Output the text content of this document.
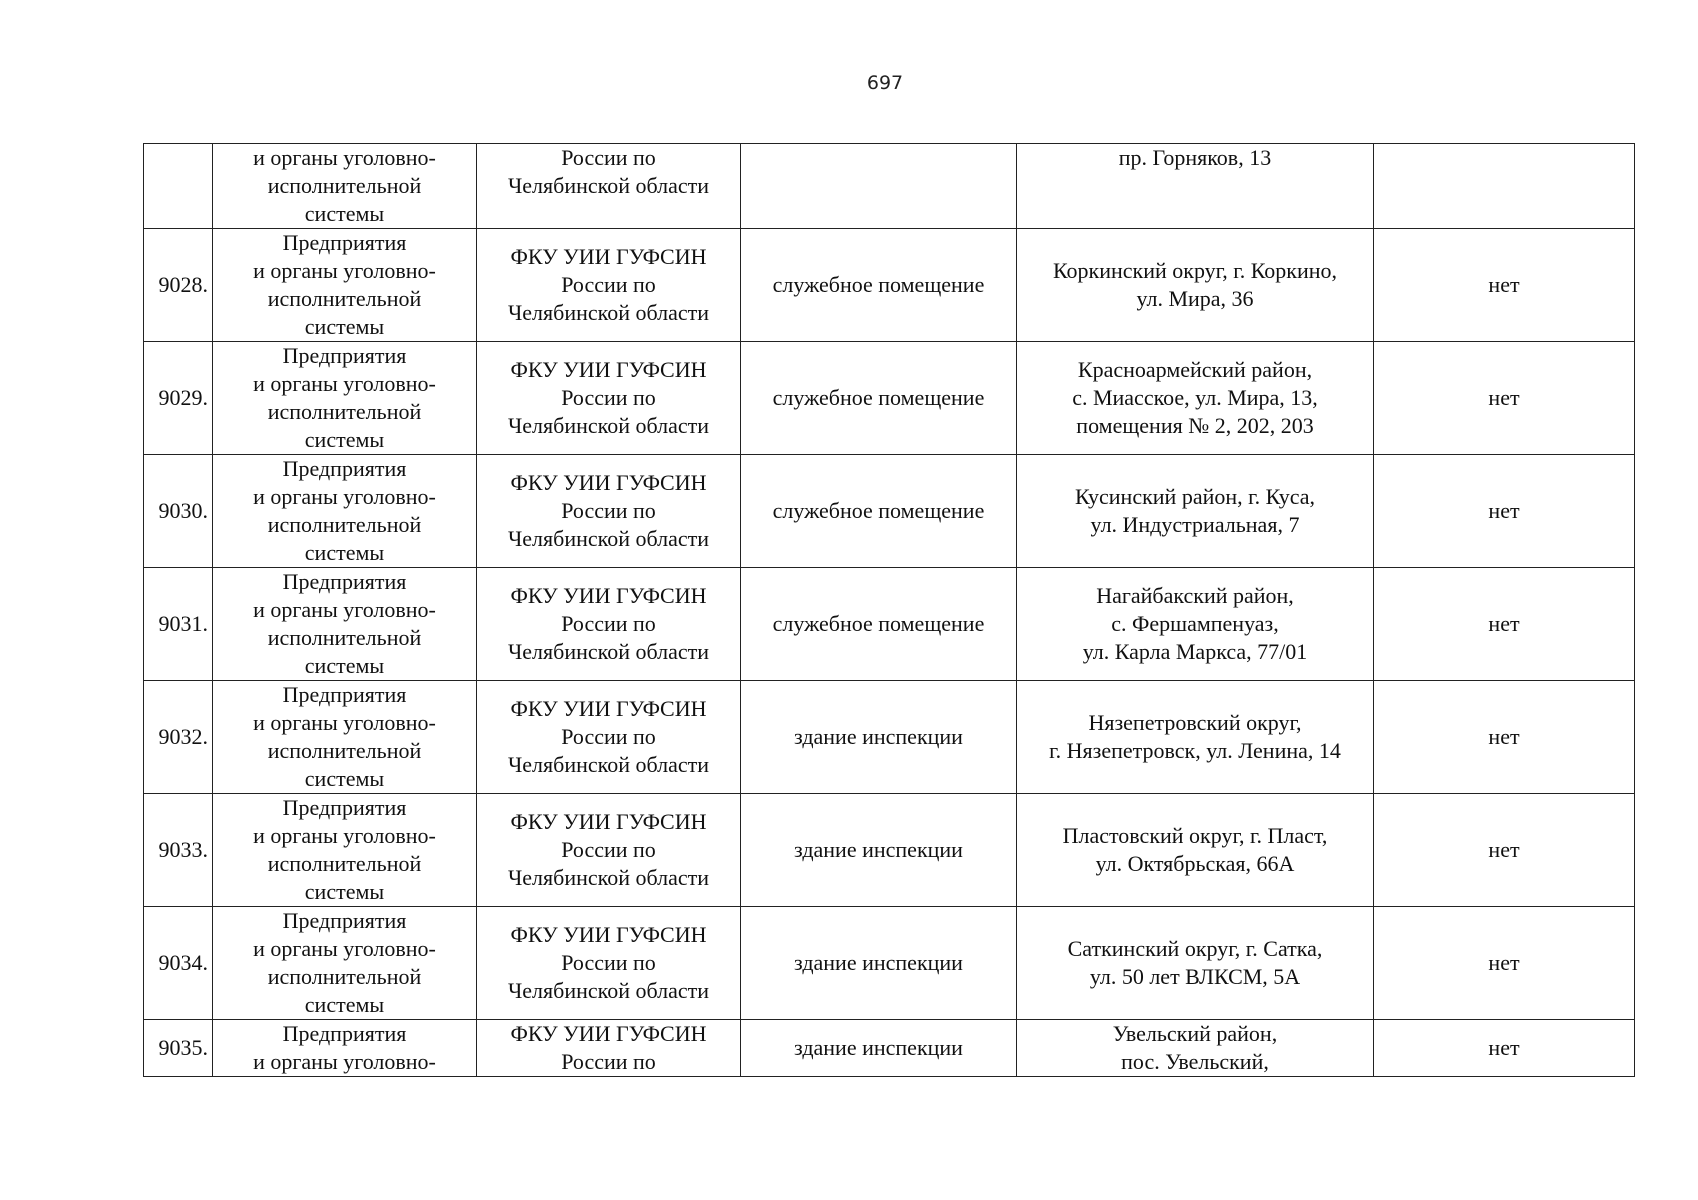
697

	и органы уголовно-
исполнительной
системы	России по
Челябинской области		пр. Горняков, 13	

9028.	Предприятия
и органы уголовно-
исполнительной
системы	ФКУ УИИ ГУФСИН
России по
Челябинской области	служебное помещение	Коркинский округ, г. Коркино,
ул. Мира, 36	нет
9029.	Предприятия
и органы уголовно-
исполнительной
системы	ФКУ УИИ ГУФСИН
России по
Челябинской области	служебное помещение	Красноармейский район,
с. Миасское, ул. Мира, 13,
помещения № 2, 202, 203	нет
9030.	Предприятия
и органы уголовно-
исполнительной
системы	ФКУ УИИ ГУФСИН
России по
Челябинской области	служебное помещение	Кусинский район, г. Куса,
ул. Индустриальная, 7	нет
9031.	Предприятия
и органы уголовно-
исполнительной
системы	ФКУ УИИ ГУФСИН
России по
Челябинской области	служебное помещение	Нагайбакский район,
с. Фершампенуаз,
ул. Карла Маркса, 77/01	нет
9032.	Предприятия
и органы уголовно-
исполнительной
системы	ФКУ УИИ ГУФСИН
России по
Челябинской области	здание инспекции	Нязепетровский округ,
г. Нязепетровск, ул. Ленина, 14	нет
9033.	Предприятия
и органы уголовно-
исполнительной
системы	ФКУ УИИ ГУФСИН
России по
Челябинской области	здание инспекции	Пластовский округ, г. Пласт,
ул. Октябрьская, 66А	нет
9034.	Предприятия
и органы уголовно-
исполнительной
системы	ФКУ УИИ ГУФСИН
России по
Челябинской области	здание инспекции	Саткинский округ, г. Сатка,
ул. 50 лет ВЛКСМ, 5А	нет
9035.	Предприятия
и органы уголовно-	ФКУ УИИ ГУФСИН
России по	здание инспекции	Увельский район,
пос. Увельский,	нет
